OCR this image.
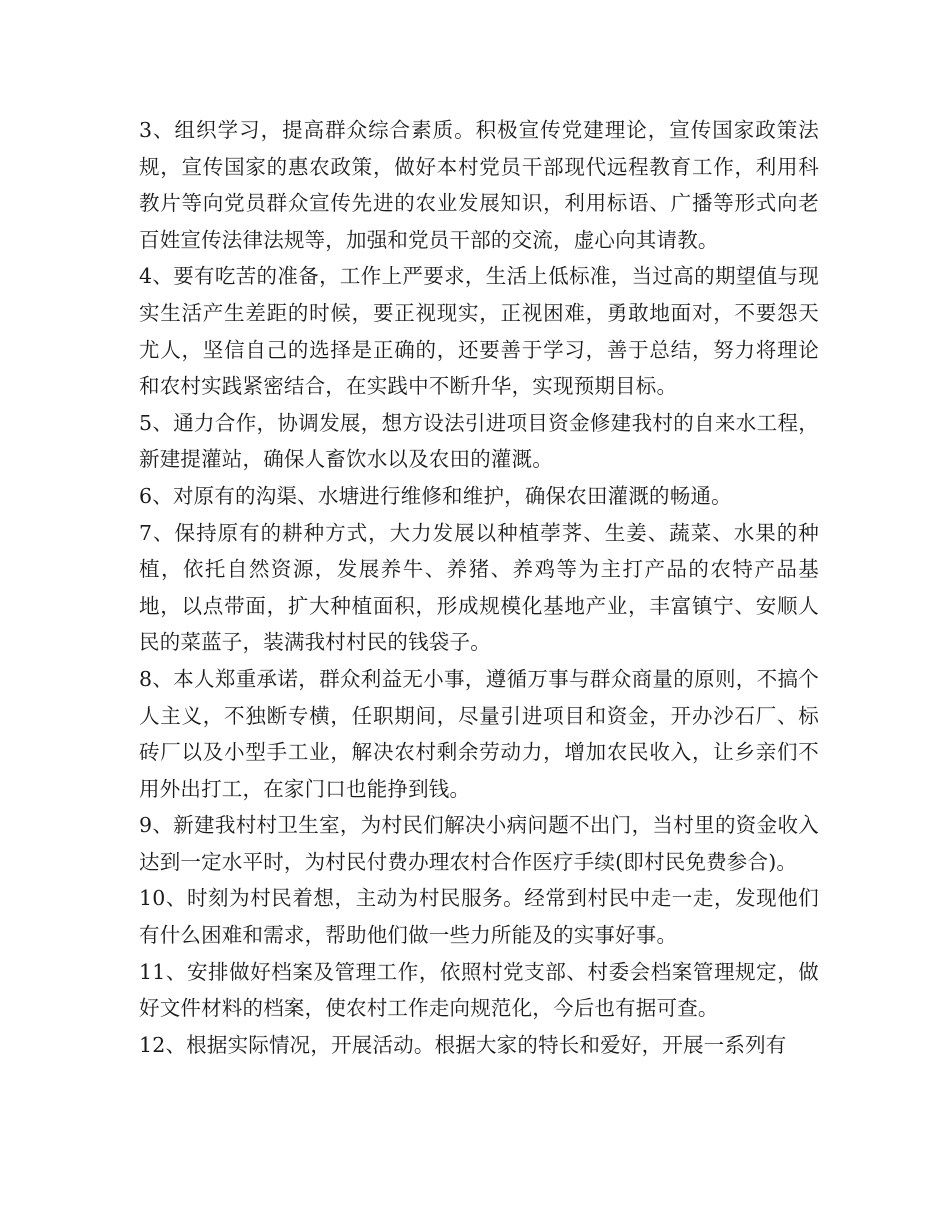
3、组织学习，提高群众综合素质。积极宣传党建理论，宣传国家政策法规，宣传国家的惠农政策，做好本村党员干部现代远程教育工作，利用科教片等向党员群众宣传先进的农业发展知识，利用标语、广播等形式向老百姓宣传法律法规等，加强和党员干部的交流，虚心向其请教。

4、要有吃苦的准备，工作上严要求，生活上低标准，当过高的期望值与现实生活产生差距的时候，要正视现实，正视困难，勇敢地面对，不要怨天尤人，坚信自己的选择是正确的，还要善于学习，善于总结，努力将理论和农村实践紧密结合，在实践中不断升华，实现预期目标。

5、通力合作，协调发展，想方设法引进项目资金修建我村的自来水工程，新建提灌站，确保人畜饮水以及农田的灌溉。

6、对原有的沟渠、水塘进行维修和维护，确保农田灌溉的畅通。

7、保持原有的耕种方式，大力发展以种植荸荠、生姜、蔬菜、水果的种植，依托自然资源，发展养牛、养猪、养鸡等为主打产品的农特产品基地，以点带面，扩大种植面积，形成规模化基地产业，丰富镇宁、安顺人民的菜蓝子，装满我村村民的钱袋子。

8、本人郑重承诺，群众利益无小事，遵循万事与群众商量的原则，不搞个人主义，不独断专横，任职期间，尽量引进项目和资金，开办沙石厂、标砖厂以及小型手工业，解决农村剩余劳动力，增加农民收入，让乡亲们不用外出打工，在家门口也能挣到钱。

9、新建我村村卫生室，为村民们解决小病问题不出门，当村里的资金收入达到一定水平时，为村民付费办理农村合作医疗手续(即村民免费参合)。

10、时刻为村民着想，主动为村民服务。经常到村民中走一走，发现他们有什么困难和需求，帮助他们做一些力所能及的实事好事。

11、安排做好档案及管理工作，依照村党支部、村委会档案管理规定，做好文件材料的档案，使农村工作走向规范化，今后也有据可查。

12、根据实际情况，开展活动。根据大家的特长和爱好，开展一系列有
